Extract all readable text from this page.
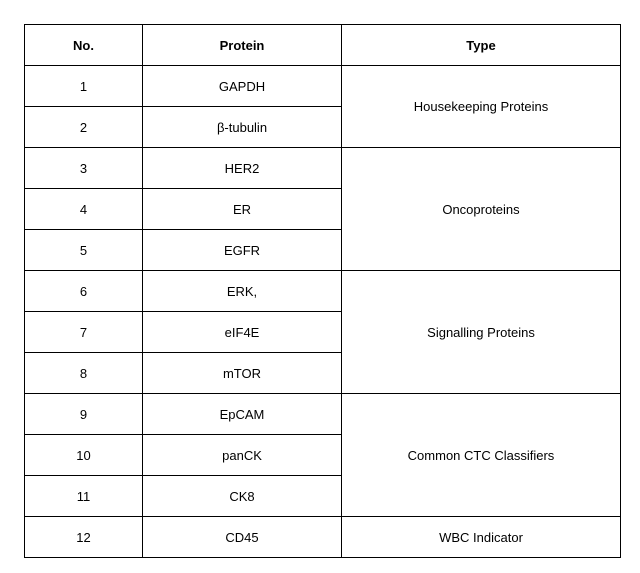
No.	Protein	Type
1	GAPDH	Housekeeping Proteins
2	β-tubulin	
3	HER2	Oncoproteins
4	ER	
5	EGFR	
6	ERK,	Signalling Proteins
7	eIF4E	
8	mTOR	
9	EpCAM	Common CTC Classifiers
10	panCK	
11	CK8	
12	CD45	WBC Indicator
